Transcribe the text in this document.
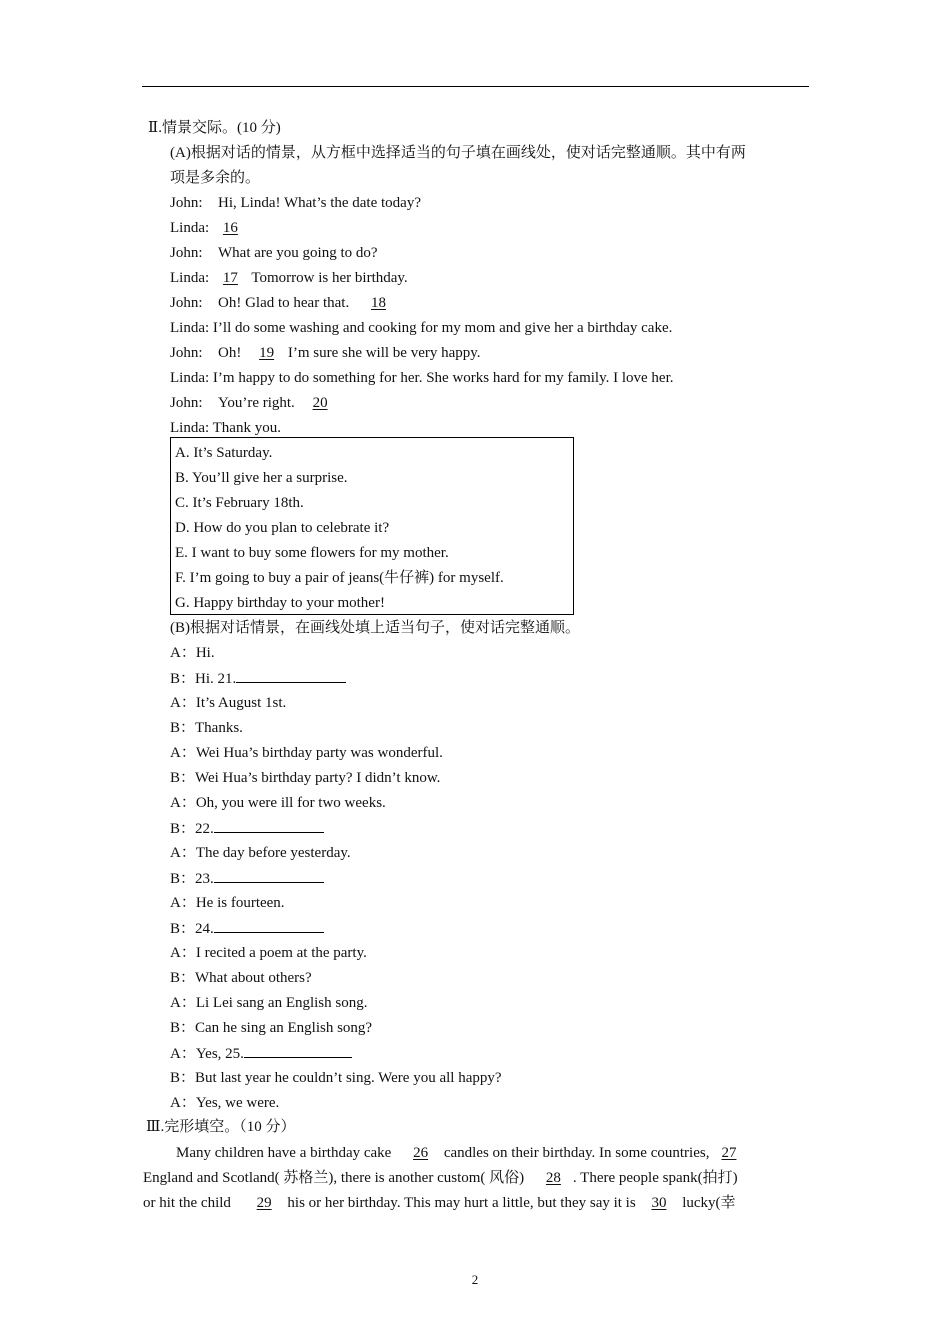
Ⅱ.情景交际。(10 分)
(A)根据对话的情景，从方框中选择适当的句子填在画线处，使对话完整通顺。其中有两
项是多余的。
John: Hi, Linda! What’s the date today?
Linda: 16
John: What are you going to do?
Linda: 17 Tomorrow is her birthday.
John: Oh! Glad to hear that. 18
Linda: I’ll do some washing and cooking for my mom and give her a birthday cake.
John: Oh! 19 I’m sure she will be very happy.
Linda: I’m happy to do something for her. She works hard for my family. I love her.
John: You’re right. 20
Linda: Thank you.
A. It’s Saturday.
B. You’ll give her a surprise.
C. It’s February 18th.
D. How do you plan to celebrate it?
E. I want to buy some flowers for my mother.
F. I’m going to buy a pair of jeans(牛仔裤) for myself.
G. Happy birthday to your mother!
(B)根据对话情景，在画线处填上适当句子，使对话完整通顺。
A：Hi.
B：Hi. 21.
A：It’s August 1st.
B：Thanks.
A：Wei Hua’s birthday party was wonderful.
B：Wei Hua’s birthday party? I didn’t know.
A：Oh, you were ill for two weeks.
B：22.
A：The day before yesterday.
B：23.
A：He is fourteen.
B：24.
A：I recited a poem at the party.
B：What about others?
A：Li Lei sang an English song.
B：Can he sing an English song?
A：Yes, 25.
B：But last year he couldn’t sing. Were you all happy?
A：Yes, we were.
Ⅲ.完形填空。（10 分）
Many children have a birthday cake 26 candles on their birthday. In some countries, 27
England and Scotland( 苏格兰), there is another custom( 风俗) 28 . There people spank(拍打)
or hit the child 29 his or her birthday. This may hurt a little, but they say it is 30 lucky(幸
2
